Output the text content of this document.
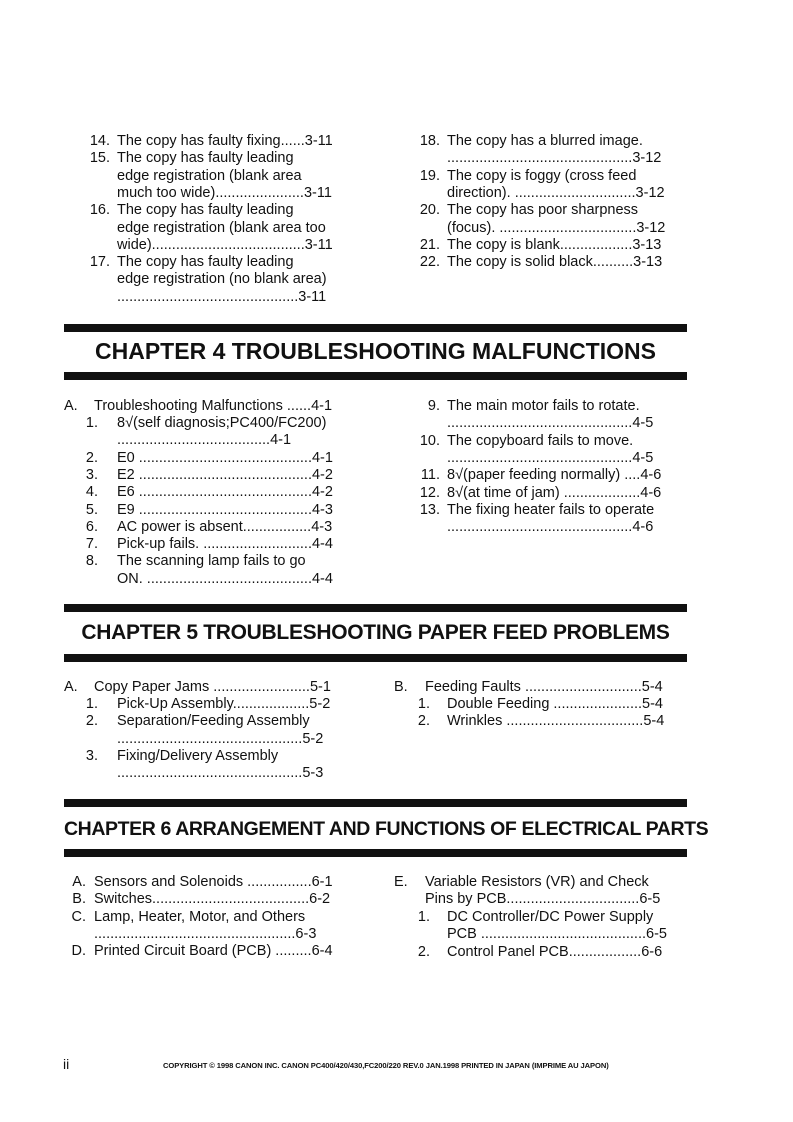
CHAPTER 4 TROUBLESHOOTING MALFUNCTIONS
CHAPTER 5 TROUBLESHOOTING PAPER FEED PROBLEMS
CHAPTER 6 ARRANGEMENT AND FUNCTIONS OF ELECTRICAL PARTS
14. The copy has faulty fixing......3-11
15. The copy has faulty leading
edge registration (blank area
much too wide)......................3-11
16. The copy has faulty leading
edge registration (blank area too
wide)......................................3-11
17. The copy has faulty leading
edge registration (no blank area)
.............................................3-11
18. The copy has a blurred image.
..............................................3-12
19. The copy is foggy (cross feed
direction). ..............................3-12
20. The copy has poor sharpness
(focus). ..................................3-12
21. The copy is blank..................3-13
22. The copy is solid black..........3-13
A. Troubleshooting Malfunctions ......4-1
1. 8√(self diagnosis;PC400/FC200)
......................................4-1
2. E0 ...........................................4-1
3. E2 ...........................................4-2
4. E6 ...........................................4-2
5. E9 ...........................................4-3
6. AC power is absent.................4-3
7. Pick-up fails. ...........................4-4
8. The scanning lamp fails to go
ON. .........................................4-4
9. The main motor fails to rotate.
..............................................4-5
10. The copyboard fails to move.
..............................................4-5
11. 8√(paper feeding normally) ....4-6
12. 8√(at time of jam) ...................4-6
13. The fixing heater fails to operate
..............................................4-6
A. Copy Paper Jams ........................5-1
1. Pick-Up Assembly...................5-2
2. Separation/Feeding Assembly
..............................................5-2
3. Fixing/Delivery Assembly
..............................................5-3
B. Feeding Faults .............................5-4
1. Double Feeding ......................5-4
2. Wrinkles ..................................5-4
A. Sensors and Solenoids ................6-1
B. Switches.......................................6-2
C. Lamp, Heater, Motor, and Others
..................................................6-3
D. Printed Circuit Board (PCB) .........6-4
E. Variable Resistors (VR) and Check
Pins by PCB.................................6-5
1. DC Controller/DC Power Supply
PCB .........................................6-5
2. Control Panel PCB..................6-6
ii	COPYRIGHT © 1998 CANON INC. CANON PC400/420/430,FC200/220 REV.0 JAN.1998 PRINTED IN JAPAN (IMPRIME AU JAPON)
